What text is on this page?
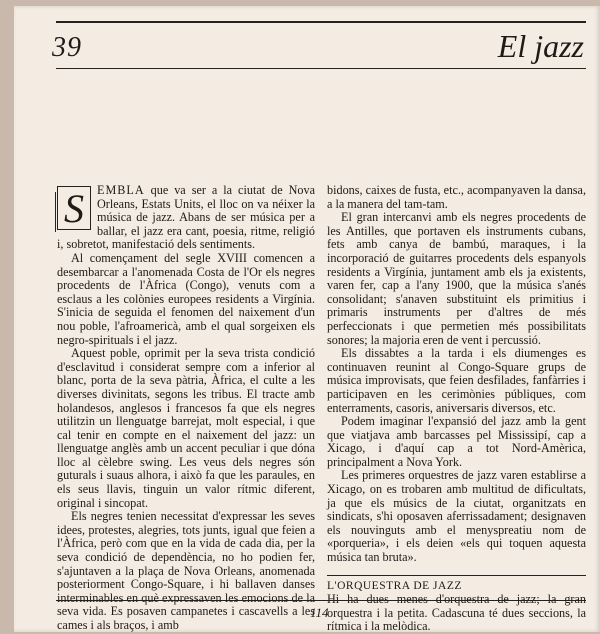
39	El jazz

S	EMBLA que va ser a la ciutat de Nova Orleans, Estats Units, el lloc on va néixer la música de jazz. Abans de ser música per a ballar, el jazz era cant, poesia, ritme, religió i, sobretot, manifestació dels sentiments.

Al començament del segle XVIII comencen a desembarcar a l'anomenada Costa de l'Or els negres procedents de l'Àfrica (Congo), venuts com a esclaus a les colònies europees residents a Virgínia. S'inicia de seguida el fenomen del naixement d'un nou poble, l'afroamericà, amb el qual sorgeixen els negro-spirituals i el jazz.

Aquest poble, oprimit per la seva trista condició d'esclavitud i considerat sempre com a inferior al blanc, porta de la seva pàtria, Àfrica, el culte a les diverses divinitats, segons les tribus. El tracte amb holandesos, anglesos i francesos fa que els negres utilitzin un llenguatge barrejat, molt especial, i que cal tenir en compte en el naixement del jazz: un llenguatge anglès amb un accent peculiar i que dóna lloc al cèlebre swing. Les veus dels negres són guturals i suaus alhora, i això fa que les paraules, en els seus llavis, tinguin un valor rítmic diferent, original i sincopat.

Els negres tenien necessitat d'expressar les seves idees, protestes, alegries, tots junts, igual que feien a l'Àfrica, però com que en la vida de cada dia, per la seva condició de dependència, no ho podien fer, s'ajuntaven a la plaça de Nova Orleans, anomenada posteriorment Congo-Square, i hi ballaven danses interminables en què expressaven les emocions de la seva vida. Es posaven campanetes i cascavells a les cames i als braços, i amb

bidons, caixes de fusta, etc., acompanyaven la dansa, a la manera del tam-tam.

El gran intercanvi amb els negres procedents de les Antilles, que portaven els instruments cubans, fets amb canya de bambú, maraques, i la incorporació de guitarres procedents dels espanyols residents a Virgínia, juntament amb els ja existents, varen fer, cap a l'any 1900, que la música s'anés consolidant; s'anaven substituint els primitius i primaris instruments per d'altres de més perfeccionats i que permetien més possibilitats sonores; la majoria eren de vent i percussió.

Els dissabtes a la tarda i els diumenges es continuaven reunint al Congo-Square grups de música improvisats, que feien desfilades, fanfàrries i participaven en les cerimònies públiques, com enterraments, casoris, aniversaris diversos, etc.

Podem imaginar l'expansió del jazz amb la gent que viatjava amb barcasses pel Mississipí, cap a Xicago, i d'aquí cap a tot Nord-Amèrica, principalment a Nova York.

Les primeres orquestres de jazz varen establirse a Xicago, on es trobaren amb multitud de dificultats, ja que els músics de la ciutat, organitzats en sindicats, s'hi oposaven aferrissadament; designaven els nouvinguts amb el menyspreatiu nom de «porqueria», i els deien «els qui toquen aquesta música tan bruta».

L'ORQUESTRA DE JAZZ

Hi ha dues menes d'orquestra de jazz; la gran orquestra i la petita. Cadascuna té dues seccions, la rítmica i la melòdica.

114
